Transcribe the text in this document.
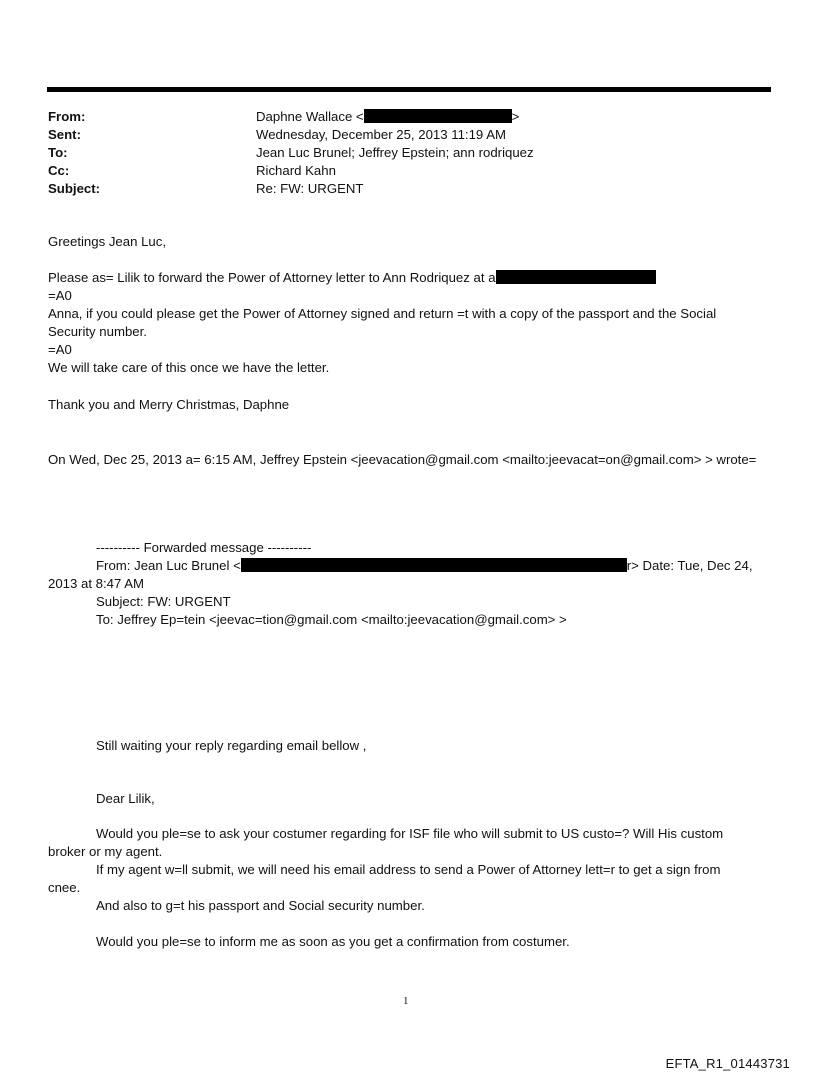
From:	Daphne Wallace <	>
Sent:	Wednesday, December 25, 2013 11:19 AM
To:	Jean Luc Brunel; Jeffrey Epstein; ann rodriquez
Cc:	Richard Kahn
Subject:	Re: FW: URGENT
Greetings Jean Luc,
Please as= Lilik to forward the Power of Attorney letter to Ann Rodriquez at a
=A0
Anna, if you could please get the Power of Attorney signed and return =t with a copy of the passport and the Social
Security number.
=A0
We will take care of this once we have the letter.
Thank you and Merry Christmas, Daphne
On Wed, Dec 25, 2013 a= 6:15 AM, Jeffrey Epstein <jeevacation@gmail.com <mailto:jeevacat=on@gmail.com> > wrote=
---------- Forwarded message ----------
From: Jean Luc Brunel <	r> Date: Tue, Dec 24,
2013 at 8:47 AM
Subject: FW: URGENT
To: Jeffrey Ep=tein <jeevac=tion@gmail.com <mailto:jeevacation@gmail.com> >
Still waiting your reply regarding email bellow ,
Dear Lilik,
Would you ple=se to ask your costumer regarding for ISF file who will submit to US custo=? Will His custom
broker or my agent.
If my agent w=ll submit, we will need his email address to send a Power of Attorney lett=r to get a sign from
cnee.
And also to g=t his passport and Social security number.
Would you ple=se to inform me as soon as you get a confirmation from costumer.
1
EFTA_R1_01443731
